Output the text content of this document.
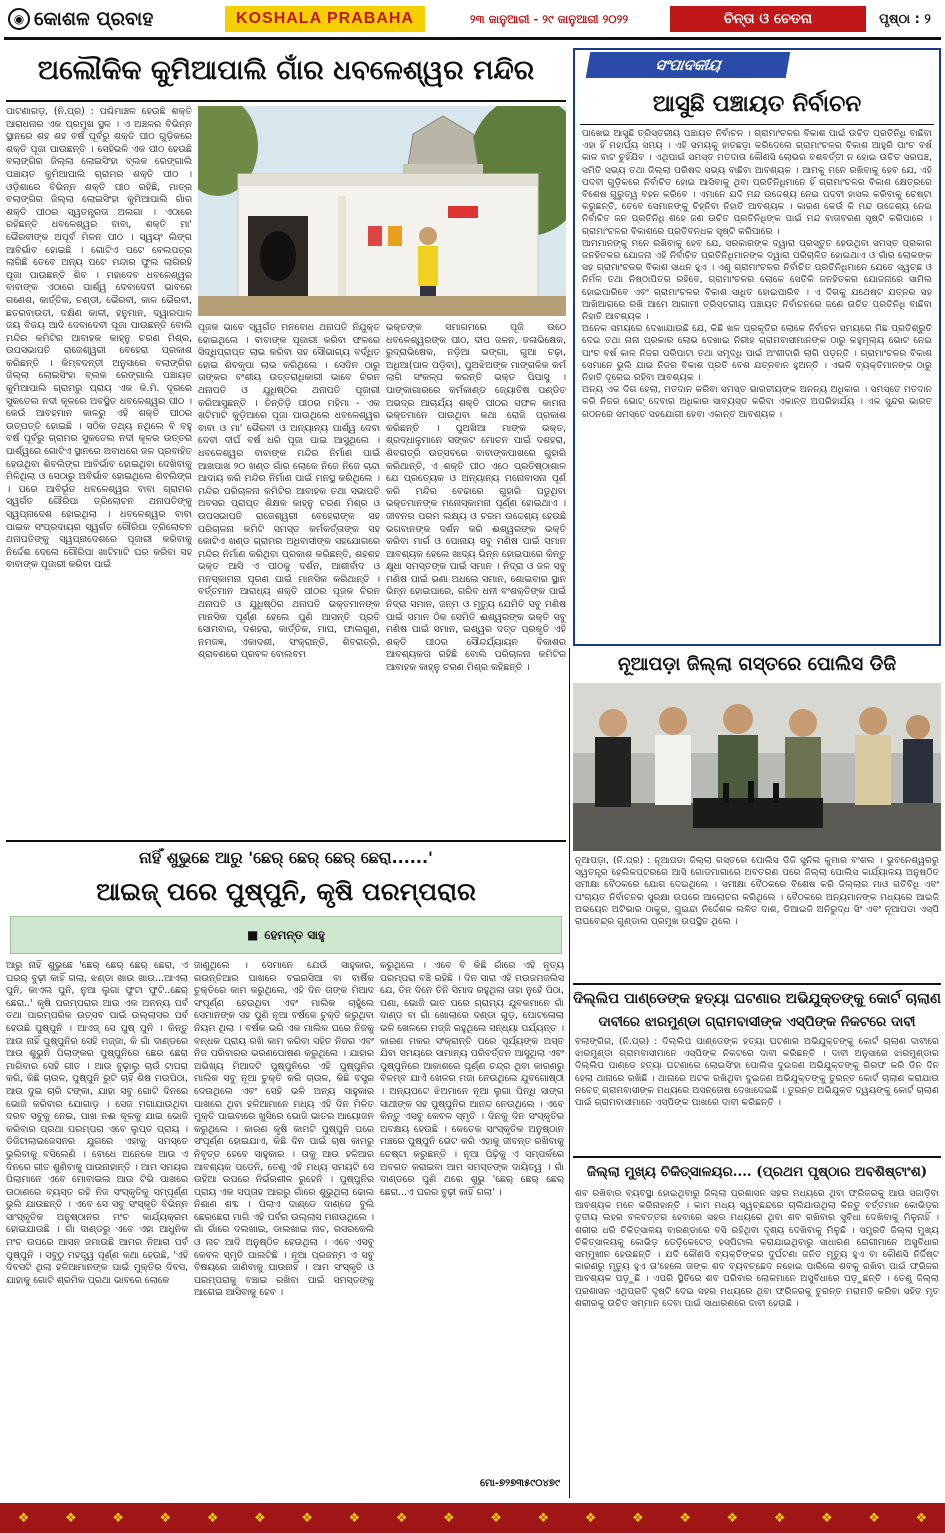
◉ କୋଶଳ ପ୍ରବାହ	KOSHALA PRABAHA	୨୩ ଜାନୁଆରୀ - ୨୯ ଜାନୁଆରୀ ୨୦୨୨	ଚିନ୍ତା ଓ ଚେତନା	ପୃଷ୍ଠା : ୨
ଅଲୌକିକ କୁମିଆପାଲି ଗାଁର ଧବଳେଶ୍ୱର ମନ୍ଦିର
ପାଟଣାଗଡ଼, (ନି.ପ୍ର) : ପଶ୍ଚିମାଞ୍ଚଳ ହେଉଛି ଶକ୍ତି ଆରାଧନାର ଏକ ପ୍ରମୁଖ ସ୍ଥଳ । ଏ ଅଞ୍ଚଳର ବିଭିନ୍ନ ସ୍ଥାନରେ ଶହ ଶହ ବର୍ଷ ପୂର୍ବରୁ ଶକ୍ତି ପୀଠ ଗୁଡ଼ିକରେ ଶକ୍ତି ପୂଜା ପାଉଛନ୍ତି । ସେହିଭଳି ଏକ ପୀଠ ହେଉଛି ବଲାଙ୍ଗିର ଜିଲ୍ଲା ଲୋଇସିଂହା ବ୍ଲକ ରେଙ୍ଗାଲି ପଞ୍ଚାୟତ କୁମିଆପାଲି ଗ୍ରାମର ଶକ୍ତି ପୀଠ । ଓଡ଼ିଶାରେ ବିଭିନ୍ନ ଶକ୍ତି ପୀଠ ରହିଛି, ମାତ୍ର ବଲାଙ୍ଗିର ଜିଲ୍ଲା ଲୋଇସିଂହା କୁମିଆପାଲି ଗାଁର ଶକ୍ତି ପୀଠର ସ୍ୱତନ୍ତ୍ରତା ଅଲଗା । ଏଠାରେ ରହିଛନ୍ତି ଧବଳେଶ୍ୱର ବାବା, ଶକ୍ତି ମା' ଭୈରବୀଙ୍କ ଅପୂର୍ବ ମିଳନ ପୀଠ । ସ୍ୱୟଂ ଲିଙ୍ଗ ଆବିର୍ଭାବ ହୋଇଛି । ଗୋଟିଏ ପଟେ ବେଲପତ୍ର ଲାଗିଛି ତେବେ ଅନ୍ୟ ପଟେ ମନ୍ଦାର ଫୁଲ ଲାଗିରହି ପୂଜା ପାଉଛନ୍ତି ଶିବ । ମହାଦେବ ଧବଳେଶ୍ୱର ବାବାଙ୍କ ଏଠାରେ ପାର୍ଶ୍ୱ ଦେବାଦେବୀ ଭାବରେ ଗଣେଶ, କାର୍ତ୍ତିକ, ଚଣ୍ଡୀ, ଭୈରବୀ, କାଳ ଭୈରବୀ, ଛତରବାଉତୀ, ଦକ୍ଷିଣ କାଳୀ, ହନୁମାନ, ଦ୍ୱାରପାଳ ଜୟ ବିଜୟ ଆଦି ଦେବାଦେବୀ ପୂଜା ପାଉଛନ୍ତି ବୋଲି ମନ୍ଦିର କମିଟିର ଆବାହକ କାହ୍ନୁ ଚରଣ ମିଶ୍ର, ଉପସଭାପତି ରାଜେଶ୍ୱରୀ ବେହେରା ପ୍ରକାଶ କରିଛନ୍ତି । କିମ୍ବଦନ୍ତୀ ଅନୁସାରେ ବଲାଙ୍ଗିର ଜିଲ୍ଲା ଲୋଇସିଂହା ବ୍ଲକ ରେଙ୍ଗାଲି ପଞ୍ଚାୟତ କୁମିଆପାଲି ଗ୍ରାମରୁ ପ୍ରାୟ ଏକ କି.ମି. ଦୂରରେ ସୁକତେଲ ନଦୀ କୂଳରେ ଅବସ୍ଥିତ ଧବଳେଶ୍ୱର ପୀଠ । କେଉଁ ଆବହମାନ କାଳରୁ ଏହି ଶକ୍ତି ପୀଠର ଉତ୍ପତ୍ତି ହୋଇଛି । ସଠିକ ତଥ୍ୟ ନଥିଲେ ବି ବହୁ ବର୍ଷ ପୂର୍ବରୁ ଗ୍ରାମର ସୁକତେଲ ନଦୀ କୂଳର ଉତ୍ତର ପାର୍ଶ୍ୱରେ ଗୋଟିଏ ସ୍ଥାନରେ ଅବାଧରେ ଜଳ ପ୍ରବାହିତ ହେଉଥିବା ଶିବଲିଙ୍ଗ ଆବିର୍ଭାବ ହୋଇଥିବା ଦେଖିବାକୁ ମିଳିଥିଲା ଓ ସେଠାରୁ ଅବିର୍ଭାବ ହୋଇଥିଲେ ଶିବଲିଙ୍ଗ । ପରେ ଆବିର୍ଭୂତ ଧବଳେଶ୍ୱର ବାବା ଗ୍ରାମର ସ୍ୱର୍ଗତ ଗୌରିପା ତ୍ରିଲୋଚନ ଥନାପତିଙ୍କୁ ସ୍ୱପ୍ନାଦେଶ ହୋଇଥିଲା । ଧବଳେଶ୍ୱର ବାବା ପାଇକ ସଂପ୍ରଦାୟର ସ୍ୱର୍ଗତ ଗୌରିପା ତ୍ରିଲୋଚନ ଥନାପତିଙ୍କୁ ସ୍ୱପ୍ନାଦେଶରେ ପୂଜାରୀ କରିବାକୁ ନିର୍ଦ୍ଦେଶ ଦେଲେ ଗୌରିପା ଖାଟିମାଟି ଘର କରିବା ସହ ବାବାଙ୍କ ପୂଜାରୀ କରିବା ପାଇଁ
ପୂଜକ ଭାବେ ସ୍ୱର୍ଗତ ମନବୋଧ ଥନାପତି ନିଯୁକ୍ତ ହୋଇଥିଲେ । ବାବାଙ୍କ ପୂଜାରୀ କରିବା ଫଳରେ ସିଦ୍ଧିପ୍ରାପ୍ତ ଲାଭ କରିବା ସହ ସୌଭାଗ୍ୟ ବର୍ଦ୍ଧିତ ହୋଇ ଶିବକୃପା ଲାଭ କରିଥିଲେ । ସେଦିନ ଠାରୁ ତାଙ୍କର ବଂଶୀୟ ଉତ୍ତରାଧିକାରୀ ଭାବେ ଚିରନ ଥନାପତି ଓ ଯୁଧିଷ୍ଠିର ଥନାପତି ପୂଜାରୀ କରିଆସୁଛନ୍ତି । ତିନ୍ତିଡ଼ି ପୀଠର ମହିମା - ଏକ ଖଟିମାଟି କୁଡ଼ିଆରେ ପୂଜା ପାଉଥିଲେ ଧବଳେଶ୍ୱର ବାବା ଓ ମା' ଭୈରବୀ ଓ ଅନ୍ୟାନ୍ୟ ପାର୍ଶ୍ୱ ଦେବା ଦେବୀ ଦୀର୍ଘ ବର୍ଷ ଧରି ପୂଜା ପାଇ ଆସୁଥିଲେ । ଧବଳେଶ୍ୱର ବାବାଙ୍କ ମନ୍ଦିର ନିର୍ମାଣ ପାଇଁ ଆଖପାଖ ୨୦ ଖଣ୍ଡ ଗାଁର ଲୋକେ ନିଜେ ନିଜେ ଚାନ୍ଦା ଆଦାୟ କରି ମନ୍ଦିର ନିର୍ମାଣ ପାଇଁ ମନସ୍ଥ କରିଥିଲେ । ମନ୍ଦିର ପରିଚାଳନା କମିଟିର ଆବାହକ ତଥା ସଭାପତି ଅବସର ପ୍ରାପ୍ତ ଶିକ୍ଷକ କାହ୍ନୁ ଚରଣ ମିଶ୍ର ଓ ଉପସଭାପତି ରାଜେଶ୍ୱରୀ ବେହେରାଙ୍କ ସହ ପରିଚାଳନା କମିଟି ସମସ୍ତ କର୍ମକର୍ତ୍ତାଙ୍କ ସହ କୋଟିଏ ଖଣ୍ଡ ଗ୍ରାମର ଅଧିବାସୀଙ୍କ ସହଯୋଗରେ ମନ୍ଦିର ନିର୍ମାଣ କରିଥିବା ପ୍ରକାଶ କରିଛନ୍ତି, ଶହଶହ ଭକ୍ତ ଆସି ଏ ପୀଠକୁ ଦର୍ଶନ, ଆଶୀର୍ବାଦ ଓ ମନସ୍କାମନା ପୂରଣ ପାଇଁ ମାନସିକ କରିଥାନ୍ତି । ବର୍ତ୍ତମାନ ଆରାଧ୍ୟ ଶକ୍ତି ପୀଠର ପୂଜକ ଚିରନ ଥନାପତି ଓ ଯୁଧିଷ୍ଠିର ଥନାପତି ଭକ୍ତମାନଙ୍କ ମାନସିକ ପୂର୍ଣ୍ଣ ହେଲେ ପୁଣି ଆସନ୍ତି ପ୍ରତି ସୋମବାର, ଦଶହରା, କାର୍ତ୍ତିକ, ମାଘ, ଫାଲଗୁଣ, ନମଜଜ୍ଞ, ଏକାଦଶୀ, ସଂକ୍ରାନ୍ତି, ଶିବରାତ୍ରି, ଶ୍ରାବଣରେ ପ୍ରବଳ ବୋଲବମ
ଭକ୍ତଙ୍କ ସମାଗମରେ ପୂଜି ଉଠେ ଧବଳେଶ୍ୱରଙ୍କ ପୀଠ, ଦୀପ ଜଳନ, ଜଳାଭିଷେକ, ରୁଦ୍ରାଭିଷେକ, ନଡ଼ିଆ ଭଙ୍ଗା, ଗୁଆ ଚଢ଼ା, ଅଧିଆ(ପାଳ ପଡ଼ିବା), ପୁଅଝିଅଙ୍କ ମାଙ୍ଗଳିକ କର୍ମ ଲାଗି ସଂକଳ୍ପ କରନ୍ତି ଭକ୍ତ ପିପାସୁ । ପାଙ୍କାଗାରରେ କର୍ମକାଣ୍ଡ ଜ୍ୟୋତିଷ ପଣ୍ଡିତ ଅଭଦ୍ର ଆଚାର୍ଯ୍ୟ ଶକ୍ତି ପୀଠର ସଫଳ କାମନା ଭକ୍ତମାନେ ପାଉଥିବା କଥା ରୋଜି ପ୍ରକାଶ କରିଛନ୍ତି । ପୁଅଖିଆ ମାଙ୍କ ଭକ୍ତ, ଶ୍ରଦ୍ଧାଳୁମାନେ ସଙ୍କଟ ମୋଚନ ପାଇଁ ଦଶହରା, ଶିବରାତ୍ରି ଉତ୍ସବରେ ବାବାଙ୍କପାଖରେ ଗୁହାରି କରିଥାନ୍ତି, ଏ ଶକ୍ତି ପୀଠ ଏଠେ ପ୍ରତିଷ୍ଠାଶାଳ ଯେ ପ୍ରତ୍ୟେକ ଓ ଅନ୍ୟାନ୍ୟ ମନୋବାସନା ପୂର୍ଣ କରି ମନ୍ଦିର ବେଢାରେ ଗୁହାରି ପଡୁଥିବା ଭକ୍ତମାନଙ୍କ ମନୋସ୍କାମନା ପୂର୍ଣ୍ଣ ହୋଇଥାଏ । ଜୀବନର ପରମ ଲକ୍ଷ୍ୟ ଓ ଚରମ ଉଦ୍ଦେଶ୍ୟ ହେଉଛି ଭଗବାନଙ୍କ ଦର୍ଶନ କରି ଈଶ୍ୱରଙ୍କ ଭକ୍ତି କରିବା ମାର୍ଗ ଓ ପୋନାୟ ସବୁ ମଣିଷ ପାଇଁ ସମାନ ଆବଶ୍ୟକ ହେଲେ ଖାଦ୍ୟ ଭିନ୍ନ ହୋଇପାରେ କିନ୍ତୁ କ୍ଷୁଧା ସମସ୍ତଙ୍କ ପାଇଁ ସମାନ । ନିଦ୍ରା ଓ ଜଳ ସବୁ ମଣିଷ ପାଇଁ ଭଣା ଅଧଲେ ସମାନ, ଶୋଇବାର ସ୍ଥାନ ଭିନ୍ନ ହୋଇପାରେ, ଗରିବ ଧନୀ ବଂଶକ୍ତିଙ୍କ ପାଇଁ ନିଦ୍ରା ସମାନ, ଜନ୍ମ ଓ ମୃତ୍ୟୁ ଯେମିତି ସବୁ ମଣିଷ ପାଇଁ ସମାନ ଠିକ ସେମିତି ଈଶ୍ୱରଙ୍କ ଭକ୍ତି ସବୁ ମଣିଷ ପାଇଁ ସମାନ, ଇଶ୍ୱର ଦତ୍ତ ପ୍ରକୃତି ଏହି ଶକ୍ତି ପୀଠର ସୌନ୍ଦର୍ଯ୍ୟାୟନ ବିକାଶର ଆବଶ୍ୟକତା ରହିଛି ବୋଲି ପରିଚାଳନା କମିଟିର ଆବାହକ କାହ୍ନୁ ଚରଣ ମିଶ୍ର କହିଛନ୍ତି ।
ନାହିଁ ଶୁଭୁଛେ ଆରୁ 'ଛେର୍ ଛେର୍ ଛେର୍ ଛେରା......'
ଆଇଜ୍ ପରେ ପୁଷ୍‌ପୁନି, କୃଷି ପରମ୍ପରାର
■ ହେମନ୍ତ ସାହୁ
ଆରୁ ନାହିଁ ଶୁଭୁଛେ 'ଛେର୍ ଛେର୍ ଛେର୍ ଛେରା, ଏ ଘରର୍ ବୁଢ଼ୀ କାହିଁ ଗଲା, ଝଣ୍ଡା ଖାଉ ଖାଉ...ଆଏଲା ପୁନି, କାଏଲ ପୁନି, ନୁଆ ଲୁଗା ଫୁଟା ଫୁଟି..ଛେର୍ ଛେରା..' କୃଷି ପରମ୍ପରାର ଆଉ ଏକ ଅନନ୍ୟ ପର୍ବ ତଥା ପାରମ୍ପରିକ ଉତ୍ସବ ପାଇଁ ଉଲ୍ଲାସର ପର୍ବ ହେଉଛି ପୁଷ୍ପୁନି । ଆଏଜ୍ ସେ ପୁଷ୍ ପୁନି । କିନ୍ତୁ ଆଉ ନାହିଁ ପୁଷ୍ପୁନିର ସେହି ମଜ୍ଜା, କି ଗାଁ ଦାଣ୍ଡରେ ଆଉ ଶୁଭୁନି ପିଲାଙ୍କର ପୁଷ୍ପୁନିରେ ଛେର ଛେରା ମାଗିବାର ସେହି ଗୀତ । ଆଉ ବୁଢ଼ାଲୁ ଚାଉଁ ଟାପରା କରି, କିଛି ଚାଉଳ, ପୁଷ୍ପୁନି ରୁଟି ଚାହିଁ ଶିଷ ମଉପିଠା, ଆଉ ଦୁଇ ଚାରି ଟଙ୍କା, ଯାହା ସବୁ ଗୋଟି ଦିନରେ ଭୋଜି କରିବାର ଯୋଗାଡ଼ । ସେଜ ମଗାଯାଉଥିବା ଦରବ ସବୁକୁ ନେଇ, ପାଖ ନଈ କୂଳକୁ ଯାଇ ଭୋଜି କରିବାର ପ୍ରଥା ପରମ୍ପରା ଏବେ ଲୁପ୍ତ ପ୍ରାୟ । ଡିଜିଟାଲାଇଜେସନର ଯୁଗରେ ଏହାକୁ ସମସ୍ତେ ଭୁଲିବାକୁ ବସିଲେଣି । ବୋଧେ ଅନେକେ ଆଉ ଏ ଦିନରେ ଗୀତ ଶୁଣିବାକୁ ପାଉନାହାନ୍ତି । ଆମ ସମୟର ପିଲାମାନେ ଏବେ ମୋବାଇଲ ଆଉ ଟିଭି ପାଖରେ ଉଠାଣରେ ବ୍ୟସ୍ତ ରହି ନିଜ ସଂସ୍କୃତିକୁ ସମ୍ପୂର୍ଣ୍ଣ ଭୁଲି ଯାଉଛନ୍ତି । ଏବେ ସେ ସବୁ ସଂସ୍କୃତି ବିଭିନ୍ନ ସାଂସ୍କୃତିକ ଅନୁଷ୍ଠାନର ମଂଚ କାର୍ଯ୍ୟକ୍ରମ ହୋଇଯାଉଛି । ଗାଁ ଦାଣ୍ଡରୁ ଏବେ ଏହା ଆଧୁନିକ ମଂଚ ଉପରେ ଆସନ ଜମାଉଛି ଆମର ନିଆରା ପର୍ବ ପୁଷ୍ପୁନି । ସବୁଠୁ ମହତ୍ତ୍ୱ ପୂର୍ଣ୍ଣ କଥା ହେଉଛି, 'ଏହି ଦିବସଟି ଥିଲା ହଳିଆମାନଙ୍କ ପାଇଁ ମୁକ୍ତିର ଦିବସ, ଯାହାକୁ ଗୋଟି ଶ୍ରମିକ ପ୍ରଥା ଭାବରେ ଲୋକେ
ଜାଣୁଥିଲେ । ସେମାନେ ଯେଉଁ ସାହୁକାର, ଗଉନ୍ତିଆର ପାଖରେ ବଇରସିଆ ବା ବାର୍ଷିକ ଚୁକ୍ତିରେ କାମ କରୁଥିଲେ, ଏହି ଦିନ ତାଙ୍କ ମିଆଦ ସଂପୂର୍ଣ୍ଣ ହେଉଥିବା ଏବଂ ମାଲିକ ଚାହୁଁଲେ ସେମାନଙ୍କ ସହ ପୁଣି ନୂଆ ବର୍ଷକେ ଚୁକ୍ତି କରୁଥିବା ନିୟମ ଥିଲା । ବର୍ଷକ ଭରି ଏକ ମାଲିକ ଘରେ ନିଜକୁ ବନ୍ଧକ ପ୍ରାୟ ରଖି କାମ କରିବା ସହିତ ନିଜର ଏବଂ ନିଜ ପରିବାରର ଭରଣପୋଷଣ କରୁଥିଲେ । ଯାହାର ଅଭିଖ୍ୟ ମିଆଦଟି ପୁଷ୍ପୁନିରେ ଏହି ପୁଷ୍ପୁନିର ମାଲିକ ସବୁ ନୂଆ ଚୁକ୍ତି କରି ଚାଉଳ, କିଛି ବସ୍ତ୍ର ଦେଉଥିଲେ ଏବଂ ସେହି ଭଳି ଅନ୍ୟ ସାହୁକାର ପାଖରେ ଥିବା ହଳିଆମାନେ ମଧ୍ୟ ଏହି ଦିନ ମିଳିତ ମୁକ୍ତି ପାଇବାରେ ଖୁସିରେ ଭୋଜି ଭାତର ଆୟୋଜନ କରୁଥିଲେ । କାରଣ କୃଷି କାମଟି ପୁଷ୍ପୁନି ପରେ ସଂପୂର୍ଣ୍ଣ ହୋଇଯାଏ, କିଛି ଦିନ ପାଇଁ ଚାଷ କାମରୁ ନିବୃତ୍ତ ହେବେ ସାହୁକାର । ତାକୁ ଆଉ ହଳିଆର ଆବଶ୍ୟକ ପଡେନି, ତେଣୁ ଏହି ମଧ୍ୟ ସମୟଟି ସେ ଉହିଆ ଉପରେ ନିର୍ଭରଶୀଳ ରୁହେନି । ପୁଷ୍ପୁନିର ପ୍ରାୟ ଏକ ସପ୍ତାହ ଆଗରୁ ଗାଁରେ ଶୁଭୁଥିଲା ଢୋଲ ନିଶାଣ ଶବ୍ଦ । ପିଲାଏ ଦାଣ୍ଡେ ଦାଣ୍ଡେ ବୁଲି ଛେରଛେରା ମାଗି ଏହି ପର୍ବର ଉଲ୍ଲାସ ମନାଉଥିଲେ । ଗାଁ ଗାଁରେ ଦଲଖାଇ, ଡାଲଖାଇ ନାଚ, ରସରକେଲି ଓ ନାଚ ଆଦି ଅନୁଷ୍ଠିତ ହେଉଥିଲା । ଏବେ ଏସବୁ କେବଳ ସ୍ମୃତି ପାଲଟିଛି । ନୂଆ ପ୍ରଜନ୍ମ ଏ ସବୁ ବିଷୟରେ ଜାଣିବାକୁ ପାଉନାହିଁ । ଆମ ସଂସ୍କୃତି ଓ ପରମ୍ପରାକୁ ବଞ୍ଚାଇ ରଖିବା ପାଇଁ ସମସ୍ତଙ୍କୁ ଆଗେଇ ଆସିବାକୁ ହେବ ।
କରୁଥିଲେ । ଏବେ ବି କିଛି ଗାଁରେ ଏହି ନୃତ୍ୟ ପରମ୍ପରା ବଞ୍ଚି ରହିଛି । ଦିନ ସାରା ଏହି ମଉଜମଜଲିସ ଯେ, ତିନ ଦିନେ ତିନି ସିମାଦ ରହୁଥିଲା ତାହା ନୁହେଁ ପିଠା, ପଣା, ଭୋଜି ଭାତ ପରେ ଗ୍ରାମ୍ୟ ଯୁବକମାନେ ଗାଁ ଦାଣ୍ଡ ବା ଗାଁ ଖୋଲାରେ ଦଣ୍ଡା ଗୁଡ଼, ପୋଟଳୋଲା ଭଳି ଖେଳରେ ମଜ୍ଜି ରହୁଥିଲେ ସନ୍ଧ୍ୟା ପର୍ଯ୍ୟନ୍ତ । କାରଣ ମକର ସଂକ୍ରାନ୍ତି ପରେ ସୂର୍ଯ୍ୟଙ୍କ ଅସ୍ତ ଯିବା ସମୟରେ ସାମାନ୍ୟ ପରିବର୍ତ୍ତନ ଆସୁଥିଲା ଏବଂ ପୁଷ୍ପୁନିରେ ଆକାଶରେ ପୂର୍ଣ୍ଣ ଚନ୍ଦ୍ର ଥିବା କାରଣରୁ ବିଳମ୍ବ ଯାଏଁ ଖେଳର ମଜା ନେଉଥିଲେ ଯୁବଗୋଷ୍ଠୀ । ଅନ୍ୟପଟେ ଝିଅମାନେ ନୂଆ ଲୁଗା ପିନ୍ଧି ସାଙ୍ଗ ସାଥୀଙ୍କ ସହ ପୁଷ୍ପୁନିର ଆନନ୍ଦ ନେଉଥିଲେ । ଏବେ କିନ୍ତୁ ଏସବୁ କେବଳ ସ୍ମୃତି । ଦିନକୁ ଦିନ ସଂସ୍କୃତିର ଅବକ୍ଷୟ ହେଉଛି । କେତେକ ସାଂସ୍କୃତିକ ଅନୁଷ୍ଠାନ ମଞ୍ଚରେ ପୁଷ୍ପୁନି ଭେଟ କରି ଏହାକୁ ଜୀବନ୍ତ ରଖିବାକୁ ଚେଷ୍ଟା କରୁଛନ୍ତି । ନୂଆ ପିଢ଼ିକୁ ଏ ସମ୍ପର୍କରେ ଅବଗତ କରାଇବା ଆମ ସମସ୍ତଙ୍କ ଦାୟିତ୍ୱ । ଗାଁ ଦାଣ୍ଡରେ ପୁଣି ଥରେ ଶୁଭୁ 'ଛେର୍ ଛେର୍ ଛେର୍ ଛେରା...ଏ ଘରର ବୁଢ଼ୀ କାହିଁ ଗଲା' ।
ମୋ-୭୨୭୩୫୯୦୪୭୯
ସଂପାଦକୀୟ
ଆସୁଛି ପଞ୍ଚାୟତ ନିର୍ବାଚନ
ପାଖେଇ ଆସୁଛି ତ୍ରିସ୍ତରୀୟ ପଞ୍ଚାୟତ ନିର୍ବାଚନ । ଗ୍ରାମାଂଚଳର ବିକାଶ ପାଇଁ ଉଚିତ ପ୍ରତିନିଧି ବାଛିବା ଏହା ହିଁ ମହାର୍ଘ୍ୟ ସମୟ । ଏହି ସମୟକୁ ହାତଛଡ଼ା କରିଦେଲେ ଗ୍ରାମାଂଚଳର ବିକାଶ ଆହୁରି ପାଂଚ ବର୍ଷ କାଳ ବାଟ ଚୁହିଁଯିବ । ଏଥିପାଇଁ ସମସ୍ତ ମତଦାତା କୌଣସି ଲୋଭର ବଶବର୍ତ୍ତୀ ନ ହୋଇ ଉଚିତ ସରପଞ୍ଚ, ସମିତି ସଭ୍ୟ ତଥା ଜିଲ୍ଲା ପରିଷଦ ସଭ୍ୟ ବାଛିବା ଆବଶ୍ୟକ । ଆମକୁ ମନେ ରଖିବାକୁ ହେବ ଯେ, ଏହି ପଦବୀ ଗୁଡ଼ିକରେ ନିର୍ବାଚିତ ହୋଇ ଆସିବାକୁ ଥିବା ପ୍ରତିନିଧିମାନେ ହିଁ ଗ୍ରାମାଂଚଳର ବିକାଶ କ୍ଷେତ୍ରରେ ବିଶେଷ ଗୁରୁତ୍ୱ ବହନ କରିବେ । ଏମାନେ ଯଦି ମନ୍ଦ ଉଦ୍ଦେଶ୍ୟ ନେଇ ପଦବୀ ହାସଲ କରିବାକୁ ଚେଷ୍ଟା କରୁଛନ୍ତି, ତେବେ ସେମାନଙ୍କୁ ଚିହ୍ନିବା ନିହାତି ଆବଶ୍ୟକ । କାରଣ କେଉଁ କି ମନ୍ଦ ଉଦ୍ଦେଶ୍ୟ ନେଇ ନିର୍ବାଚିତ ଜନ ପ୍ରତିନିଧି ଶହେ ଜଣ ଉଚିତ ପ୍ରତିନିଧିଙ୍କ ପାଇଁ ମନ୍ଦ ବାତାବରଣ ସୃଷ୍ଟି କରିପାରେ । ଗ୍ରାମାଂଚଳର ବିକାଶରେ ପ୍ରତିବନ୍ଧକ ସୃଷ୍ଟି କରିପାରେ ।
ଆମମାନଙ୍କୁ ମନେ ରଖିବାକୁ ହେବ ଯେ, ସରକାରଙ୍କ ଦ୍ୱାରା ପ୍ରସ୍ତୁତ ହେଉଥିବା ସମସ୍ତ ପ୍ରକାର ଜନହିତକର ଯୋଜନା ଏହି ନିର୍ବାଚିତ ପ୍ରତିନିଧିମାନଙ୍କ ଦ୍ୱାରା ପରିଚାଳିତ ହୋଇଥାଏ ଓ ଗାଁର ଲୋକଙ୍କ ସହ ଗ୍ରାମାଂଚଳର ବିକାଶ ସାଧନ ହୁଏ । ଏଣୁ ଗ୍ରାମାଂଚଳର ନିର୍ବାଚିତ ପ୍ରତିନିଧିମାନେ ଯେତେ ସ୍ୱଚ୍ଛ ଓ ନିର୍ମଳ ତଥା ନିଷ୍ଠାପିତର ରହିବେ, ଗ୍ରାମାଂଚଳର ଲୋକେ ସେତିକି ଜନହିତକର ଯୋଜନାରେ ସାମିଲ ହୋଇପାରିବେ ଏବଂ ଗ୍ରାମାଂଚଳର ବିକାଶ ସାଧିତ ହୋଇପାରିବ । ଏ ଦିଗକୁ ଯଥେଷ୍ଟ ଯତ୍ନର ସହ ଆଖିଆଗରେ ରଖି ଆମେ ଆଗାମୀ ତ୍ରିସ୍ତରୀୟ ପଞ୍ଚାୟତ ନିର୍ବାଚନରେ ଜଣେ ଉଚିତ ପ୍ରତିନିଧି ବାଛିବା ନିହାତି ଆବଶ୍ୟକ ।
ଅନେକ ସମୟରେ ଦେଖାଯାଉଛି ଯେ, କିଛି ଖଳ ପ୍ରକୃତିର ଲୋକେ ନିର୍ବାଚନ ସମୟରେ ମିଛ ପ୍ରତିଶ୍ରୁତି ଦେଇ ତଥା ନାନା ପ୍ରକାର ଲୋଭ ଦେଖାଇ ନିରୀହ ଗ୍ରାମବାସୀମାନଙ୍କ ଠାରୁ କହୁମୂଲ୍ୟ ଭୋଟ ନେଇ ପାଂଚ ବର୍ଷ କାଳ ନିଜର ପରିପାଟା ତଥା ସମୃଦ୍ଧି ପାଇଁ ଅଂଶୀଦାରି ଲାଗି ପଡ଼ନ୍ତି । ଗ୍ରାମାଂଚଳର ବିକାଶ ସେମାନେ ଭୁଲି ଯାଇ ନିଜର ବିକାଶ ପ୍ରତି ବେଶ ଯତ୍ନବାନ ହୁଅନ୍ତି । ଏଭଳି ବ୍ୟକ୍ତିମାନଙ୍କ ଠାରୁ ନିହାତି ଦୂରେଇ ରହିବା ଆବଶ୍ୟକ ।
ଅନ୍ୟ ଏକ ଦିଗ ହେଲା, ମତଦାନ କରିବା ସମସ୍ତ ଭାରତୀୟଙ୍କ ଅନନ୍ୟ ଅଧିକାର । ସମସ୍ତେ ମତଦାନ କରି ନିଜର ଭୋଟ୍ ଦେବାର ଅଧିକାର ସାବ୍ୟସ୍ତ କରିବା ଏକାନ୍ତ ଅପରିହାର୍ଯ୍ୟ । ଏକ ସୁନ୍ଦର ଭାରତ ଗଠନରେ ସମସ୍ତେ ସହଯୋଗୀ ହେବା ଏକାନ୍ତ ଆବଶ୍ୟକ ।
ନୂଆପଡ଼ା ଜିଲ୍ଲା ଗସ୍ତରେ ପୋଲିସ ଡିଜି
ନୂଆପଡ଼ା, (ନି.ପ୍ର) : ନୂଆପଡା ଜିଲ୍ଲା ଗସ୍ତରେ ପୋଲିସ ଡିଜି ସୁନିଲ କୁମାର ବଂଶଲ । ଭୁବନେଶ୍ୱରରୁ ସ୍ୱତନ୍ତ୍ର ହେଲିକପ୍ଟରରେ ଆସି ଗୋଡମାଗାରେ ଅବତରଣ ପରେ ଜିଲ୍ଲା ପୋଲିସ କାର୍ଯ୍ୟାଳୟ ଅନୁଷ୍ଠିତ ସମୀକ୍ଷା ବୈଠକରେ ଯୋଗ ଦେଇଥିଲେ । ସମୀକ୍ଷା ବୈଠକରେ ବିଶେଷ କରି ଜିଲ୍ଲାର ମାଓ ଗତିବିଧି ଏବଂ ପଂଚାୟତ ନିର୍ବାଚନର ସୁରକ୍ଷା ଉପରେ ଆଲୋଚନା କରିଥିଲେ । ବୈଠକରେ ଅନ୍ୟମାନଙ୍କ ମଧ୍ୟରେ ଆଇଜି ଅଭୟେନ ଅଟିଭାର ଠାକୁର, ଗୁଇନ୍ଦା ନିର୍ଦ୍ଦେଶକ ଲଳିତ ଦାଶ, ଡିଆଇଜି ଅନିରୁଦ୍ଧ ସିଂ ଏବଂ ନୂଆପଡା ଏସ୍ପି ରାଘବେନ୍ଦ୍ର ଗୁଣ୍ଡାଲ ପ୍ରମୁଖ ଉପସ୍ଥିତ ଥିଲେ ।
ଦିଲ୍ଲିପ ପାଣ୍ଡେଙ୍କ ହତ୍ୟା ଘଟଣାର ଅଭିଯୁକ୍ତଙ୍କୁ କୋର୍ଟ ଚାଲାଣ
ଦାବୀରେ ଝାରମୁଣ୍ଡା ଗ୍ରାମବାସୀଙ୍କ ଏସ୍ପିଙ୍କ ନିକଟରେ ଦାବୀ
ବଲାଙ୍ଗିର, (ନି.ପ୍ର) : ଦିଲ୍ଲିପ ପାଣ୍ଡେଙ୍କ ହତ୍ୟା ଘଟଣାର ଅଭିଯୁକ୍ତଙ୍କୁ କୋର୍ଟ ଚାଲାଣ ଦାବୀରେ ଝାରମୁଣ୍ଡା ଗ୍ରାମବାସୀମାନେ ଏସ୍ପିଙ୍କ ନିକଟରେ ଦାବୀ କରିଛନ୍ତି । ଦାବୀ ଅନୁସାରେ ଝାରମୁଣ୍ଡାର ଦିଲ୍ଲିପ ପାଣ୍ଡେ ହତ୍ୟା ଘଟଣାରେ ଲୋଇସିଂହା ପୋଲିସ ଦୁଇଜଣ ଅଭିଯୁକ୍ତଙ୍କୁ ଗିରଫ କରି ଡିନ ଦିନ ହେଲା ଥାନାରେ ରଖିଛି । ଥାନାରେ ଅଟକ ରଖିଥିବା ଦୁଇଜଣ ଅଭିଯୁକ୍ତଙ୍କୁ ତୁରନ୍ତ କୋର୍ଟ ଚାଲାଣ କରାଯାଉ ନଚେତ୍ ଗ୍ରାମବାସୀଙ୍କ ମଧ୍ୟରେ ଅସନ୍ତୋଷ ଦେଖାଦେଇଛି । ତୁରନ୍ତ ଅଭିଯୁକ୍ତ ଦ୍ୱୟଙ୍କୁ କୋର୍ଟ ଚାଲାଣ ପାଇଁ ଗ୍ରାମବାସୀମାନେ ଏସ୍ପିଙ୍କ ପାଖରେ ଦାବୀ କରିଛନ୍ତି ।
ଜିଲ୍ଲା ମୁଖ୍ୟ ଚିକିତ୍ସାଳୟର.... (ପ୍ରଥମ ପୃଷ୍ଠାର ଅବଶିଷ୍ଟାଂଶ)
ଶବ ରଖିବାର ବ୍ୟବସ୍ଥା ହୋଇଥିବାରୁ ଜିଲ୍ଲା ପ୍ରଶାସନ ସହର ମଧ୍ୟରେ ଥିବା ଫ୍ରିଜରକୁ ଆଉ ସଜାଡ଼ିବା ଆବଶ୍ୟକ ମନେ କରିନାହାନ୍ତି । କାମ ମଧ୍ୟ ସ୍ୱଚ୍ଛନ୍ଦରେ ଚାଲିଯାଉଥିଲା କିନ୍ତୁ ବର୍ତ୍ତମାନ କୋଭିଡ଼ର ତୃତୀୟ ଲହର ବଳବତ୍ତର ହେବାରେ ସହର ମଧ୍ୟରେ ଥିବା ଶବ ରଖିବାର ସୁବିଧା ଦେଖିବାକୁ ମିଳୁନାହିଁ । ଶରୀର ଧରି ଚିକିତ୍ସାଳୟ ବାରଣ୍ଡାରେ ବସି ରହିଥିବା ଦୃଶ୍ୟ ଦେଖିବାକୁ ମିଳୁଛି । ସମ୍ପ୍ରତି ଜିଲ୍ଲା ମୁଖ୍ୟ ଚିକିତ୍ସାଳୟକୁ କୋଭିଡ଼ ଡେଡ଼ିକେଟେଡ୍ ହସ୍ପିଟାଲ କରାଯାଇଥିବାରୁ ସାଧାରଣ ରୋଗୀମାନେ ଅସୁବିଧାର ସମ୍ମୁଖୀନ ହେଉଛନ୍ତି । ଯଦି କୌଣସି ବ୍ୟକ୍ତିଙ୍କର ଦୁର୍ଘଟଣା ଜନିତ ମୃତ୍ୟୁ ହୁଏ ବା କୌଣସି ନିର୍ଦ୍ଦିଷ୍ଟ କାରଣରୁ ମୃତ୍ୟୁ ହୁଏ ତା'ହେଲେ ତାଙ୍କ ଶବ ବ୍ୟବଚ୍ଛେଦ ନହୋଇ ପାରିଲେ ଶବକୁ ରଖିବା ପାଇଁ ଫ୍ରିଜର ଆବଶ୍ୟକ ପଡ଼ୁଛି । ଏପରି ସ୍ଥିତିରେ ଶବ ପରିବାର ଲୋକମାନେ ଅସୁବିଧାରେ ପଡ଼ୁଛନ୍ତି । ତେଣୁ ଜିଲ୍ଲା ପ୍ରଶାସନ ଏଥିପ୍ରତି ଦୃଷ୍ଟି ଦେଇ ସହର ମଧ୍ୟରେ ଥିବା ଫ୍ରିଜରକୁ ତୁରନ୍ତ ମରାମତି କରିବା ସହିତ ମୃତ ଶରୀରକୁ ଉଚିତ ସମ୍ମାନ ଦେବା ପାଇଁ ସାଧାରଣରେ ଦାବୀ ହେଉଛି ।
❖	❖	❖	❖	❖	❖	❖	❖	❖	❖	❖	❖	❖	❖	❖	❖	❖	❖	❖	❖
